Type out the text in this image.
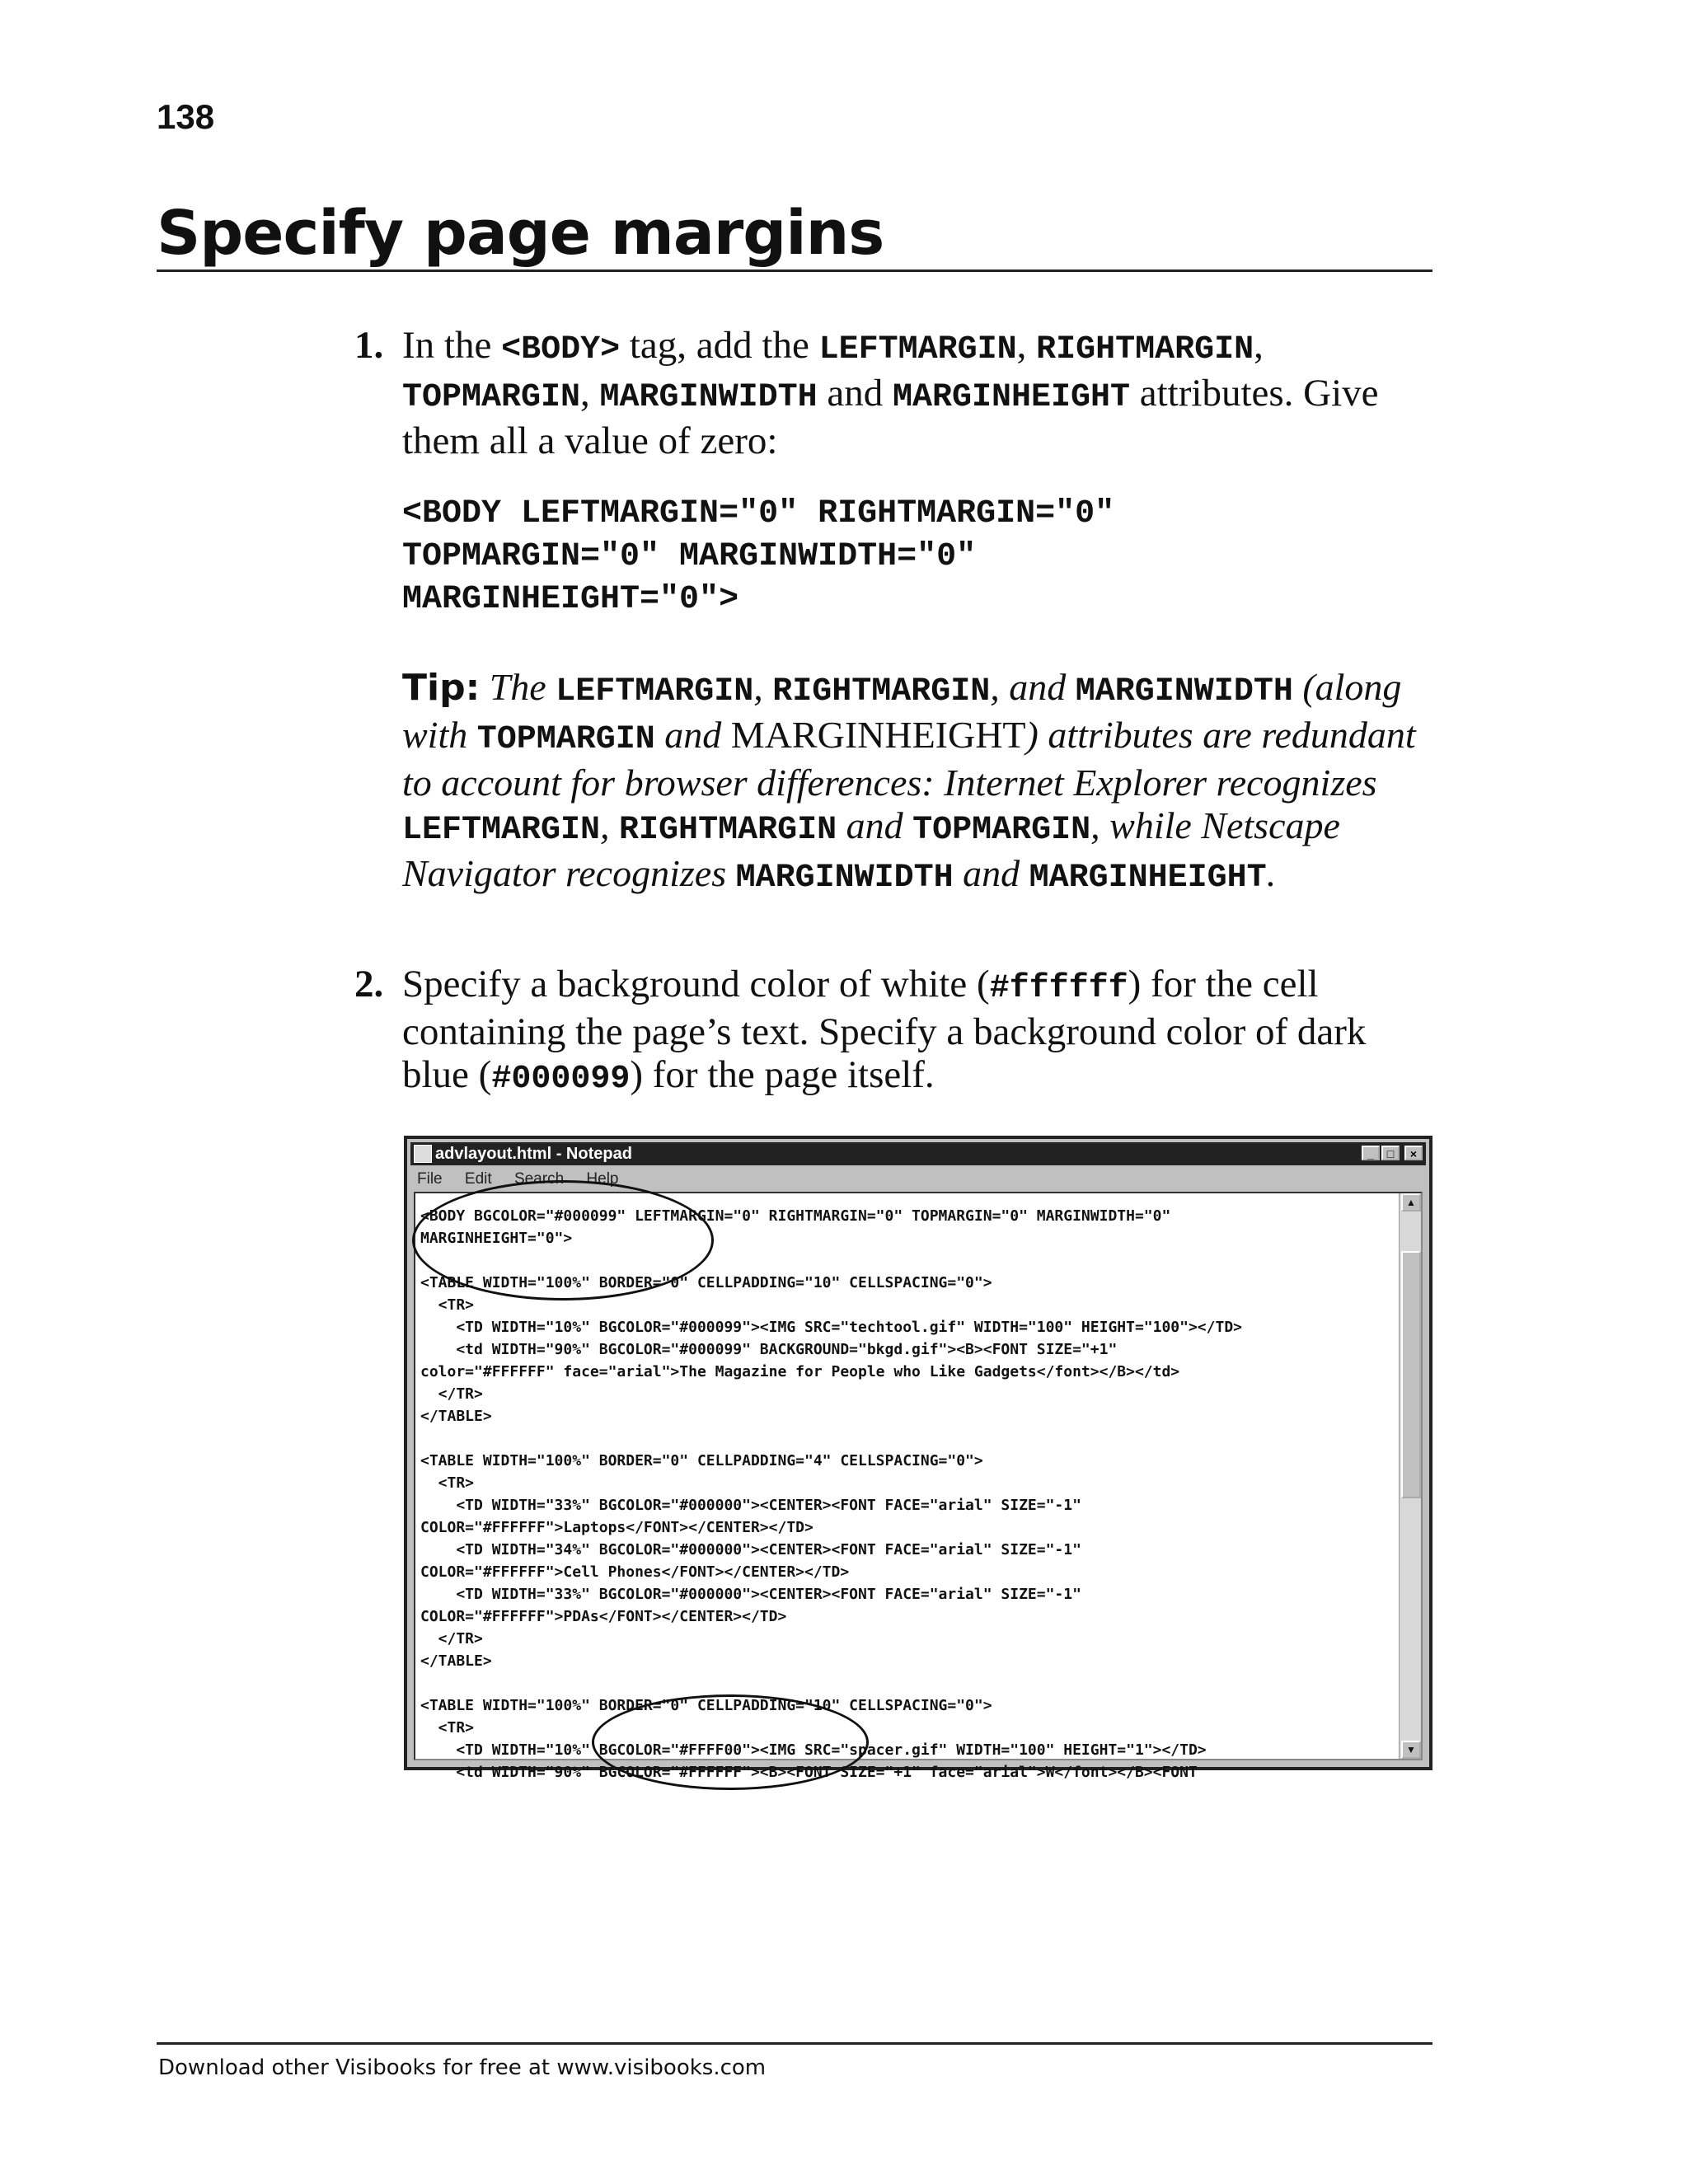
138
Specify page margins
1. In the <BODY> tag, add the LEFTMARGIN, RIGHTMARGIN, TOPMARGIN, MARGINWIDTH and MARGINHEIGHT attributes. Give them all a value of zero:
<BODY LEFTMARGIN="0" RIGHTMARGIN="0"
TOPMARGIN="0" MARGINWIDTH="0"
MARGINHEIGHT="0">
Tip: The LEFTMARGIN, RIGHTMARGIN, and MARGINWIDTH (along with TOPMARGIN and MARGINHEIGHT) attributes are redundant to account for browser differences: Internet Explorer recognizes LEFTMARGIN, RIGHTMARGIN and TOPMARGIN, while Netscape Navigator recognizes MARGINWIDTH and MARGINHEIGHT.
2. Specify a background color of white (#ffffff) for the cell containing the page’s text. Specify a background color of dark blue (#000099) for the page itself.
advlayout.html - Notepad	_	□	×
File Edit Search Help
<BODY BGCOLOR="#000099" LEFTMARGIN="0" RIGHTMARGIN="0" TOPMARGIN="0" MARGINWIDTH="0"
MARGINHEIGHT="0">

<TABLE WIDTH="100%" BORDER="0" CELLPADDING="10" CELLSPACING="0">
<TR>
<TD WIDTH="10%" BGCOLOR="#000099"><IMG SRC="techtool.gif" WIDTH="100" HEIGHT="100"></TD>
<td WIDTH="90%" BGCOLOR="#000099" BACKGROUND="bkgd.gif"><B><FONT SIZE="+1"
color="#FFFFFF" face="arial">The Magazine for People who Like Gadgets</font></B></td>
</TR>
</TABLE>

<TABLE WIDTH="100%" BORDER="0" CELLPADDING="4" CELLSPACING="0">
<TR>
<TD WIDTH="33%" BGCOLOR="#000000"><CENTER><FONT FACE="arial" SIZE="-1"
COLOR="#FFFFFF">Laptops</FONT></CENTER></TD>
<TD WIDTH="34%" BGCOLOR="#000000"><CENTER><FONT FACE="arial" SIZE="-1"
COLOR="#FFFFFF">Cell Phones</FONT></CENTER></TD>
<TD WIDTH="33%" BGCOLOR="#000000"><CENTER><FONT FACE="arial" SIZE="-1"
COLOR="#FFFFFF">PDAs</FONT></CENTER></TD>
</TR>
</TABLE>

<TABLE WIDTH="100%" BORDER="0" CELLPADDING="10" CELLSPACING="0">
<TR>
<TD WIDTH="10%" BGCOLOR="#FFFF00"><IMG SRC="spacer.gif" WIDTH="100" HEIGHT="1"></TD>
<td WIDTH="90%" BGCOLOR="#FFFFFF"><B><FONT SIZE="+1" face="arial">W</font></B><FONT
▲
▼
Download other Visibooks for free at www.visibooks.com
